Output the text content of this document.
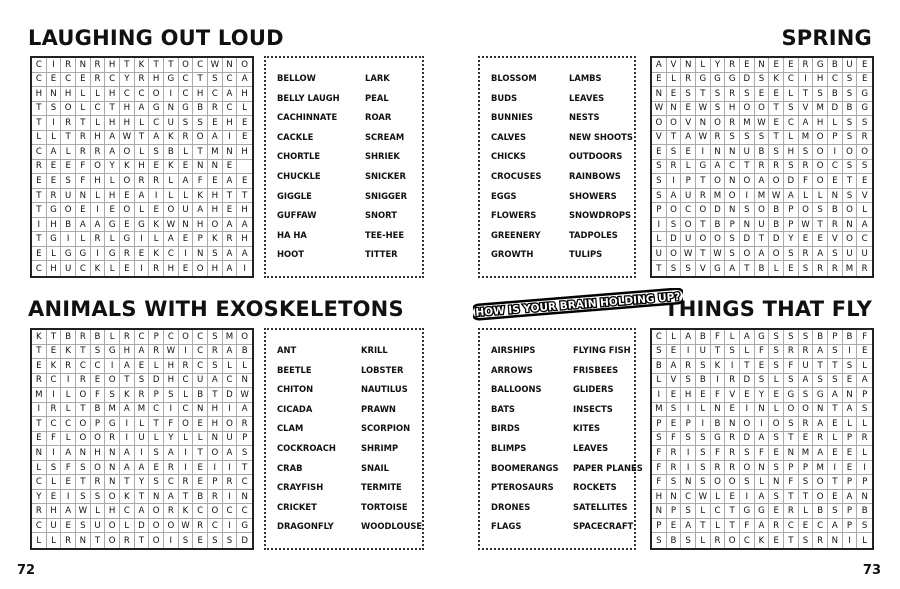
LAUGHING OUT LOUD	SPRING
ANIMALS WITH EXOSKELETONS	THINGS THAT FLY
C	I	R N R H	T	K	T	T	O C W N O
C	E	C	E	R	C	Y	R H G C	T	S	C	A
H N H	L	L	H C	C O	I	C H C	A	H
T	S O	L	C	T	H A G N G B	R	C	L
T	I	R	T	L	H H	L	C U	S	S	E	H	E
L	L	T	R H A W T	A	K	R O A	I	E
C	A	L	R	R	A O	L	S	B	L	T M N	H
R	E	E	F	O	Y	K	H	E	K	E	N N	E
E	E	S	F	H	L	O R	R	L	A	F	E	A	E
T	R U N	L	H	E	A	I	L	L	K	H	T	T
T	G O E	I	E O	L	E O U A H	E	H
I	H B	A	A G	E	G K W N H O A	A
T	G	I	L	R	L	G	I	L	A	E	P	K	R	H
E	L	G G	I	G R	E	K	C	I	N	S	A	A
C H U C	K	L	E	I	R H	E O H A	I
A	V N	L	Y	R	E	N	E	E	R G B U	E
E	L	R G G G D	S	K	C	I	H C	S	E
N	E	S	T	S	R	S	E	E	L	T	S	B	S	G
W N	E W S	H O O	T	S	V M D B	G
O O V N O R M W E	C	A H	L	S	S
V	T	A W R	S	S	S	T	L M O	P	S	R
E	S	E	I	N N U B	S	H	S O	I	O O
S	R	L	G A	C	T	R	R	S	R O C	S	S
S	I	P	T	O N O A O D	F	O E	T	E
S	A U R M O	I	M W A	L	L	N	S	V
P	O C O D N	S O B	P	O S	B O	L
I	S O	T	B	P	N U B	P W T	R N	A
L	D U O O S	D	T	D	Y	E	E	V O	C
U O W T W S O A O S	R	A	S	U	U
T	S	S	V G A	T	B	L	E	S	R	R M R
K	T	B	R	B	L	R	C	P	C O C	S M O
T	E	K	T	S	G H A	R W	I	C	R	A	B
E	K	R	C	C	I	A	E	L	H R	C	S	L	L
R	C	I	R	E O	T	S	D H C U A	C	N
M	I	L	O	F	S	K	R	P	S	L	B	T	D W
I	R	L	T	B M A M C	I	C N H	I	A
T	C	C O	P	G	I	L	T	F	O E	H O	R
E	F	L	O O R	I	U	L	Y	L	L	N U	P
N	I	A N H N A	I	S	A	I	T	O A	S
L	S	F	S O N A	A	E	R	I	E	I	I	T
C	L	E	T	R N	T	Y	S	C	R	E	P	R	C
Y	E	I	S	S O K	T	N A	T	B	R	I	N
R H A W L	H C	A O R	K	C O C	C
C U	E	S	U O	L	D O O W R	C	I	G
L	L	R N	T	O R	T	O	I	S	E	S	S	D
C	L	A	B	F	L	A G S	S	S	B	P	B	F
S	E	I	U	T	S	L	F	S	R	R	A	S	I	E
B	A	R	S	K	I	T	E	S	F	U	T	T	S	L
L	V	S	B	I	R D	S	L	S	A	S	S	E	A
I	E	H	E	F	V	E	Y	E	G S	G A N	P
M S	I	L	N	E	I	N	L	O O N	T	A	S
P	E	P	I	B N O	I	O S	R	A	E	L	L
S	F	S	S G R D A	S	T	E	R	L	P	R
F	R	I	S	F	R	S	F	E	N M A	E	E	L
F	R	I	S	R	R O N	S	P	P M	I	E	I
F	S	N	S O O S	L	N	F	S O	T	P	P
H N C W L	E	I	A	S	T	T	O E	A	N
N	P	S	L	C	T	G G	E	R	L	B	S	P	B
P	E	A	T	L	T	F	A	R	C	E	C	A	P	S
S	B	S	L	R O C	K	E	T	S	R N	I	L
BELLOW	LARK
BELLY LAUGH	PEAL
CACHINNATE	ROAR
CACKLE	SCREAM
CHORTLE	SHRIEK
CHUCKLE	SNICKER
GIGGLE	SNIGGER
GUFFAW	SNORT
HA HA	TEE-HEE
HOOT	TITTER
BLOSSOM	LAMBS
BUDS	LEAVES
BUNNIES	NESTS
CALVES	NEW SHOOTS
CHICKS	OUTDOORS
CROCUSES	RAINBOWS
EGGS	SHOWERS
FLOWERS	SNOWDROPS
GREENERY	TADPOLES
GROWTH	TULIPS
ANT	KRILL
BEETLE	LOBSTER
CHITON	NAUTILUS
CICADA	PRAWN
CLAM	SCORPION
COCKROACH	SHRIMP
CRAB	SNAIL
CRAYFISH	TERMITE
CRICKET	TORTOISE
DRAGONFLY	WOODLOUSE
AIRSHIPS	FLYING FISH
ARROWS	FRISBEES
BALLOONS	GLIDERS
BATS	INSECTS
BIRDS	KITES
BLIMPS	LEAVES
BOOMERANGS	PAPER PLANES
PTEROSAURS	ROCKETS
DRONES	SATELLITES
FLAGS	SPACECRAFT
HOW IS YOUR BRAIN HOLDING UP?
72	73
